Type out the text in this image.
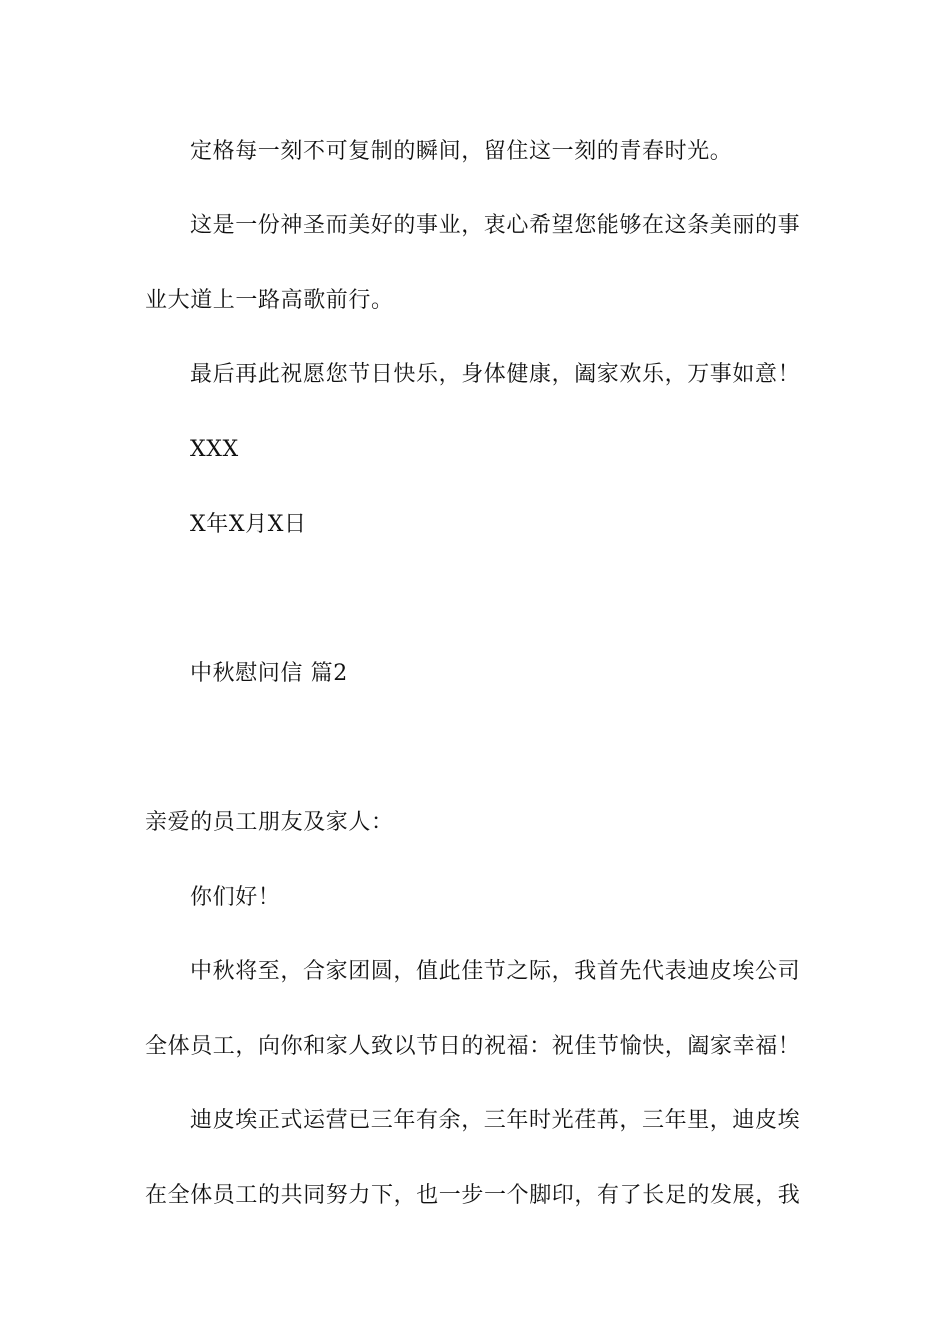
定格每一刻不可复制的瞬间，留住这一刻的青春时光。

这是一份神圣而美好的事业，衷心希望您能够在这条美丽的事

业大道上一路高歌前行。

最后再此祝愿您节日快乐，身体健康，阖家欢乐，万事如意！

XXX

X年X月X日

中秋慰问信 篇2

亲爱的员工朋友及家人：

你们好！

中秋将至，合家团圆，值此佳节之际，我首先代表迪皮埃公司

全体员工，向你和家人致以节日的祝福：祝佳节愉快，阖家幸福！

迪皮埃正式运营已三年有余，三年时光荏苒，三年里，迪皮埃

在全体员工的共同努力下，也一步一个脚印，有了长足的发展，我
